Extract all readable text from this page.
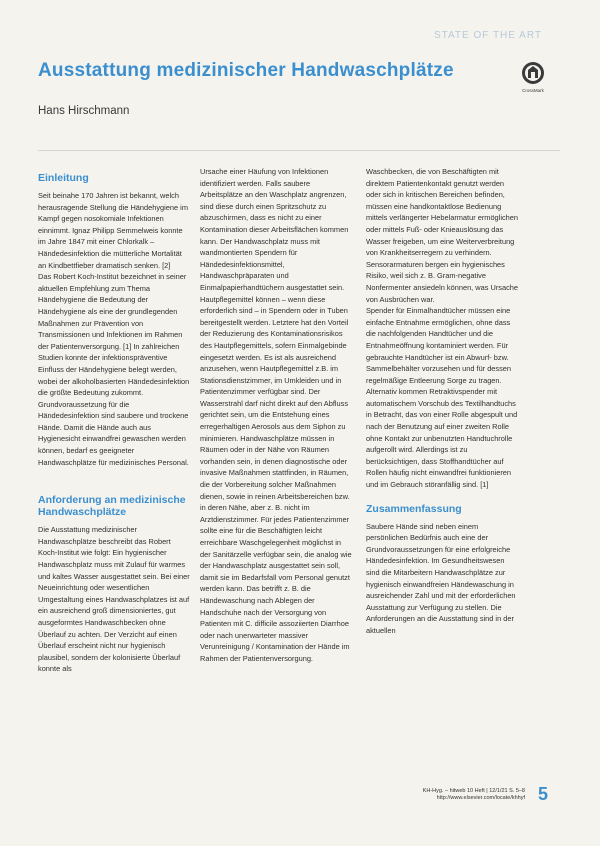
STATE OF THE ART
Ausstattung medizinischer Handwaschplätze
CrossMark
Hans Hirschmann
Einleitung

Seit beinahe 170 Jahren ist bekannt, welch herausragende Stellung die Händehygiene im Kampf gegen nosokomiale Infektionen einnimmt. Ignaz Philipp Semmelweis konnte im Jahre 1847 mit einer Chlorkalk – Händedesinfektion die mütterliche Mortalität an Kindbettfieber dramatisch senken. [2]

Das Robert Koch-Institut bezeichnet in seiner aktuellen Empfehlung zum Thema Händehygiene die Bedeutung der Händehygiene als eine der grundlegenden Maßnahmen zur Prävention von Transmissionen und Infektionen im Rahmen der Patientenversorgung. [1] In zahlreichen Studien konnte der infektionspräventive Einfluss der Händehygiene belegt werden, wobei der alkoholbasierten Händedesinfektion die größte Bedeutung zukommt. Grundvoraussetzung für die Händedesinfektion sind saubere und trockene Hände. Damit die Hände auch aus Hygienesicht einwandfrei gewaschen werden können, bedarf es geeigneter Handwaschplätze für medizinisches Personal.

Anforderung an medizinische Handwaschplätze

Die Ausstattung medizinischer Handwaschplätze beschreibt das Robert Koch-Institut wie folgt: Ein hygienischer Handwaschplatz muss mit Zulauf für warmes und kaltes Wasser ausgestattet sein. Bei einer Neueinrichtung oder wesentlichen Umgestaltung eines Handwaschplatzes ist auf ein ausreichend groß dimensioniertes, gut ausgeformtes Handwaschbecken ohne Überlauf zu achten. Der Verzicht auf einen Überlauf erscheint nicht nur hygienisch plausibel, sondern der kolonisierte Überlauf konnte als

Ursache einer Häufung von Infektionen identifiziert werden. Falls saubere Arbeitsplätze an den Waschplatz angrenzen, sind diese durch einen Spritzschutz zu abzuschirmen, dass es nicht zu einer Kontamination dieser Arbeitsflächen kommen kann. Der Handwaschplatz muss mit wandmontierten Spendern für Händedesinfektionsmittel, Handwaschpräparaten und Einmalpapierhandtüchern ausgestattet sein. Hautpflegemittel können – wenn diese erforderlich sind – in Spendern oder in Tuben bereitgestellt werden. Letztere hat den Vorteil der Reduzierung des Kontaminationsrisikos des Hautpflegemittels, sofern Einmalgebinde eingesetzt werden. Es ist als ausreichend anzusehen, wenn Hautpflegemittel z.B. im Stationsdienstzimmer, im Umkleiden und in Patientenzimmer verfügbar sind. Der Wasserstrahl darf nicht direkt auf den Abfluss gerichtet sein, um die Entstehung eines erregerhaltigen Aerosols aus dem Siphon zu minimieren. Handwaschplätze müssen in Räumen oder in der Nähe von Räumen vorhanden sein, in denen diagnostische oder invasive Maßnahmen stattfinden, in Räumen, die der Vorbereitung solcher Maßnahmen dienen, sowie in reinen Arbeitsbereichen bzw. in deren Nähe, aber z. B. nicht im Arztdienstzimmer. Für jedes Patientenzimmer sollte eine für die Beschäftigten leicht erreichbare Waschgelegenheit möglichst in der Sanitärzelle verfügbar sein, die analog wie der Handwaschplatz ausgestattet sein soll, damit sie im Bedarfsfall vom Personal genutzt werden kann. Das betrifft z. B. die Händewaschung nach Ablegen der Handschuhe nach der Versorgung von Patienten mit C. difficile assoziierten Diarrhoe oder nach unerwarteter massiver Verunreinigung / Kontamination der Hände im Rahmen der Patientenversorgung.

Waschbecken, die von Beschäftigten mit direktem Patientenkontakt genutzt werden oder sich in kritischen Bereichen befinden, müssen eine handkontaktlose Bedienung mittels verlängerter Hebelarmatur ermöglichen oder mittels Fuß- oder Knieauslösung das Wasser freigeben, um eine Weiterverbreitung von Krankheitserregern zu verhindern. Sensorarmaturen bergen ein hygienisches Risiko, weil sich z. B. Gram-negative Nonfermenter ansiedeln können, was Ursache von Ausbrüchen war.

Spender für Einmalhandtücher müssen eine einfache Entnahme ermöglichen, ohne dass die nachfolgenden Handtücher und die Entnahmeöffnung kontaminiert werden. Für gebrauchte Handtücher ist ein Abwurf- bzw. Sammelbehälter vorzusehen und für dessen regelmäßige Entleerung Sorge zu tragen. Alternativ kommen Retraktivspender mit automatischem Vorschub des Textilhandtuchs in Betracht, das von einer Rolle abgespult und nach der Benutzung auf einer zweiten Rolle ohne Kontakt zur unbenutzten Handtuchrolle aufgerollt wird. Allerdings ist zu berücksichtigen, dass Stoffhandtücher auf Rollen häufig nicht einwandfrei funktionieren und im Gebrauch störanfällig sind. [1]

Zusammenfassung

Saubere Hände sind neben einem persönlichen Bedürfnis auch eine der Grundvoraussetzungen für eine erfolgreiche Händedesinfektion. Im Gesundheitswesen sind die Mitarbeitern Handwaschplätze zur hygienisch einwandfreien Händewaschung in ausreichender Zahl und mit der erforderlichen Ausstattung zur Verfügung zu stellen. Die Anforderungen an die Ausstattung sind in der aktuellen

KH-Hyg. – hitweb 10 Heft | 12/1/21 S. 5–8
http://www.elsevier.com/locate/khhyf 5
